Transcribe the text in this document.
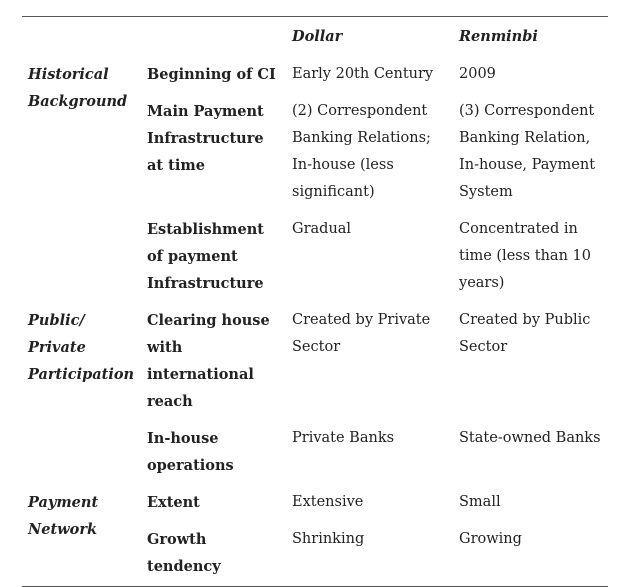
		Dollar	Renminbi
Historical Background	Beginning of CI	Early 20th Century	2009
	Main Payment Infrastructure at time	(2) Correspondent Banking Relations; In-house (less significant)	(3) Correspondent Banking Relation, In-house, Payment System
	Establishment of payment Infrastructure	Gradual	Concentrated in time (less than 10 years)
Public/ Private Participation	Clearing house with international reach	Created by Private Sector	Created by Public Sector
	In-house operations	Private Banks	State-owned Banks
Payment Network	Extent	Extensive	Small
	Growth tendency	Shrinking	Growing
